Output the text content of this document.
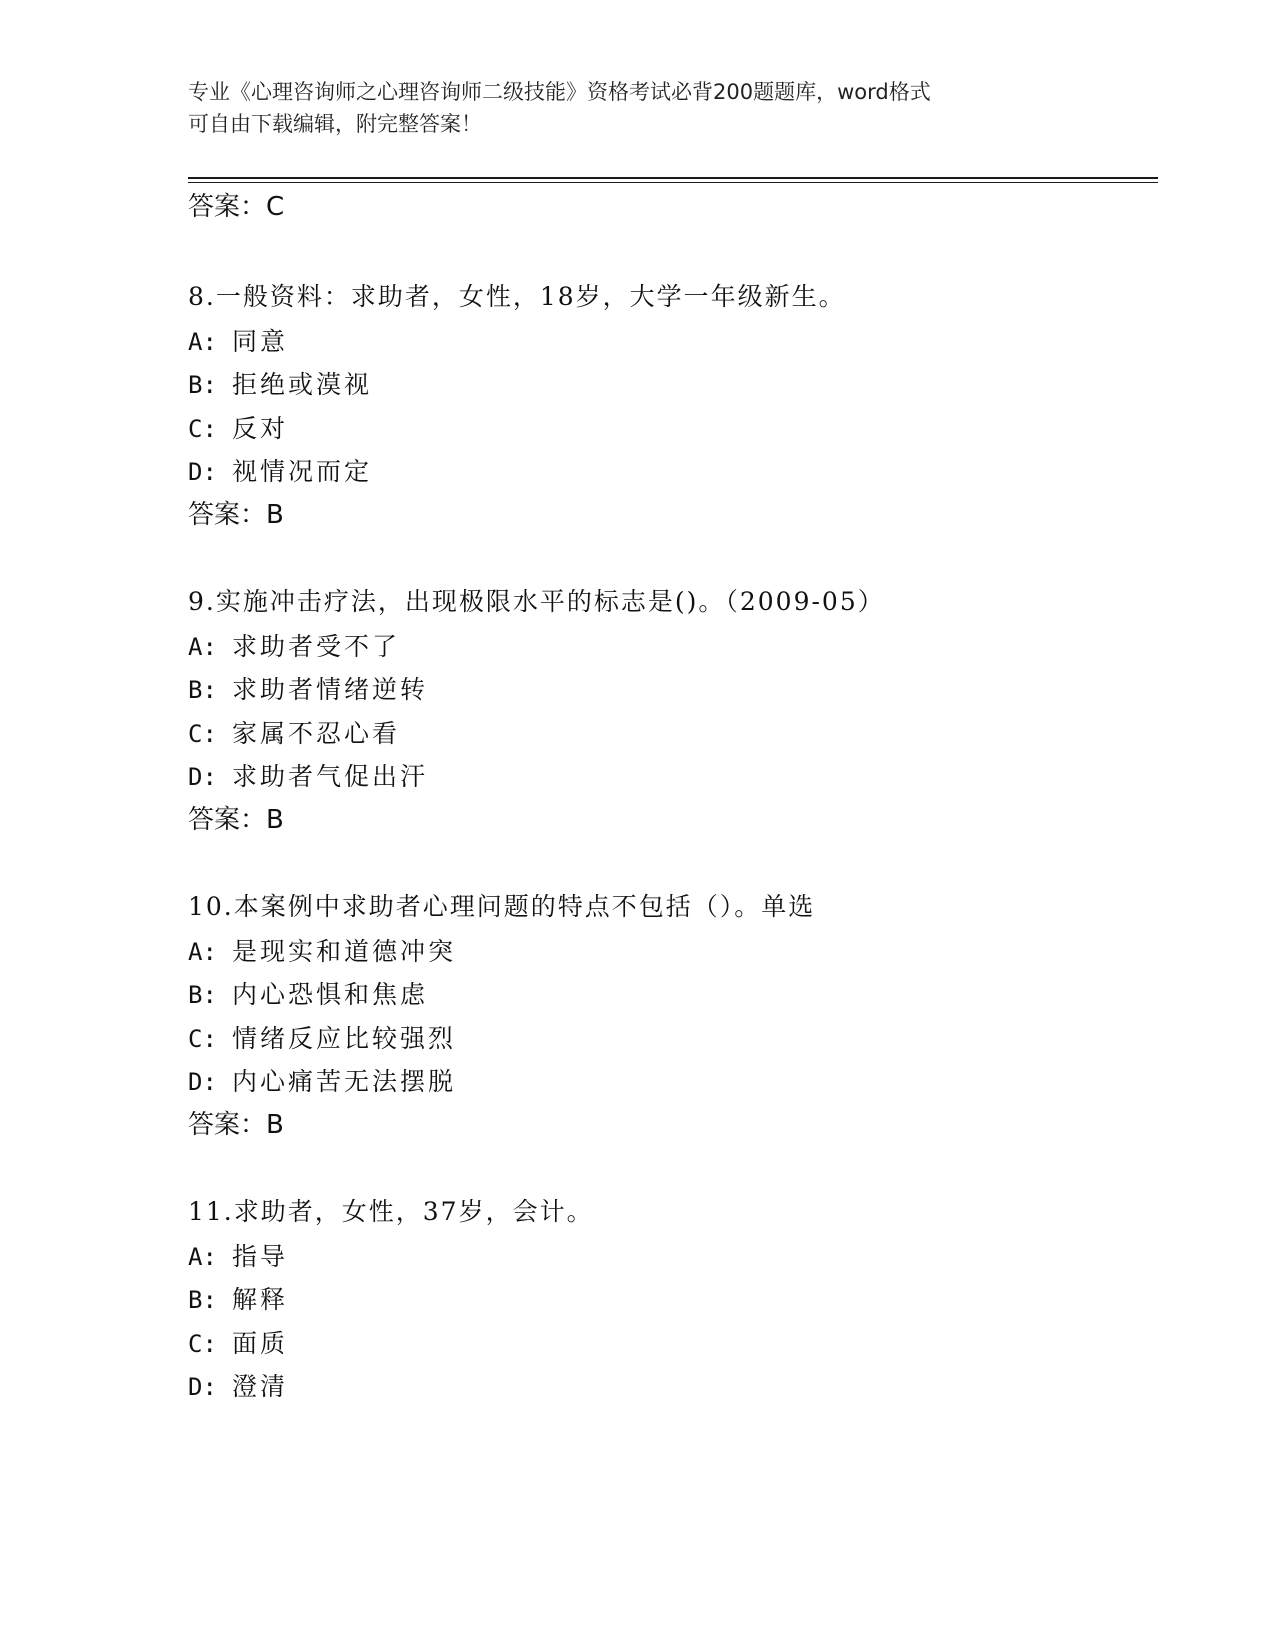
专业《心理咨询师之心理咨询师二级技能》资格考试必背200题题库，word格式
可自由下载编辑，附完整答案！
答案：C
8.一般资料：求助者，女性，18岁，大学一年级新生。
A: 同意
B: 拒绝或漠视
C: 反对
D: 视情况而定
答案：B
9.实施冲击疗法，出现极限水平的标志是()。（2009-05）
A: 求助者受不了
B: 求助者情绪逆转
C: 家属不忍心看
D: 求助者气促出汗
答案：B
10.本案例中求助者心理问题的特点不包括（）。单选
A: 是现实和道德冲突
B: 内心恐惧和焦虑
C: 情绪反应比较强烈
D: 内心痛苦无法摆脱
答案：B
11.求助者，女性，37岁，会计。
A: 指导
B: 解释
C: 面质
D: 澄清
